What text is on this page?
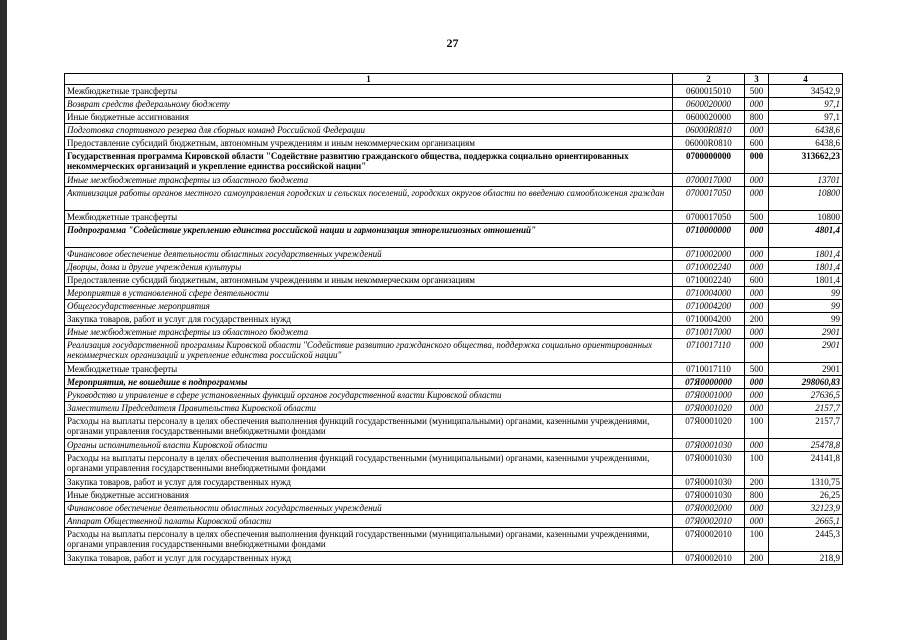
27
1	2	3	4
Межбюджетные трансферты	0600015010	500	34542,9
Возврат средств федеральному бюджету	0600020000	000	97,1
Иные бюджетные ассигнования	0600020000	800	97,1
Подготовка спортивного резерва для сборных команд Российской Федерации	06000R0810	000	6438,6
Предоставление субсидий бюджетным, автономным учреждениям и иным некоммерческим организациям	06000R0810	600	6438,6
Государственная программа Кировской области "Содействие развитию гражданского общества, поддержка социально ориентированных некоммерческих организаций и укрепление единства российской нации"	0700000000	000	313662,23
Иные межбюджетные трансферты из областного бюджета	0700017000	000	13701
Активизация работы органов местного самоуправления городских и сельских поселений, городских округов области по введению самообложения граждан	0700017050	000	10800
Межбюджетные трансферты	0700017050	500	10800
Подпрограмма "Содействие укреплению единства российской нации и гармонизация этнорелигиозных отношений"	0710000000	000	4801,4
Финансовое обеспечение деятельности областных государственных учреждений	0710002000	000	1801,4
Дворцы, дома и другие учреждения культуры	0710002240	000	1801,4
Предоставление субсидий бюджетным, автономным учреждениям и иным некоммерческим организациям	0710002240	600	1801,4
Мероприятия в установленной сфере деятельности	0710004000	000	99
Общегосударственные мероприятия	0710004200	000	99
Закупка товаров, работ и услуг для государственных нужд	0710004200	200	99
Иные межбюджетные трансферты из областного бюджета	0710017000	000	2901
Реализация государственной программы Кировской области "Содействие развитию гражданского общества, поддержка социально ориентированных некоммерческих организаций и укрепление единства российской нации"	0710017110	000	2901
Межбюджетные трансферты	0710017110	500	2901
Мероприятия, не вошедшие в подпрограммы	07Я0000000	000	298060,83
Руководство и управление в сфере установленных функций органов государственной власти Кировской области	07Я0001000	000	27636,5
Заместители Председателя Правительства Кировской области	07Я0001020	000	2157,7
Расходы на выплаты персоналу в целях обеспечения выполнения функций государственными (муниципальными) органами, казенными учреждениями, органами управления государственными внебюджетными фондами	07Я0001020	100	2157,7
Органы исполнительной власти Кировской области	07Я0001030	000	25478,8
Расходы на выплаты персоналу в целях обеспечения выполнения функций государственными (муниципальными) органами, казенными учреждениями, органами управления государственными внебюджетными фондами	07Я0001030	100	24141,8
Закупка товаров, работ и услуг для государственных нужд	07Я0001030	200	1310,75
Иные бюджетные ассигнования	07Я0001030	800	26,25
Финансовое обеспечение деятельности областных государственных учреждений	07Я0002000	000	32123,9
Аппарат Общественной палаты Кировской области	07Я0002010	000	2665,1
Расходы на выплаты персоналу в целях обеспечения выполнения функций государственными (муниципальными) органами, казенными учреждениями, органами управления государственными внебюджетными фондами	07Я0002010	100	2445,3
Закупка товаров, работ и услуг для государственных нужд	07Я0002010	200	218,9
